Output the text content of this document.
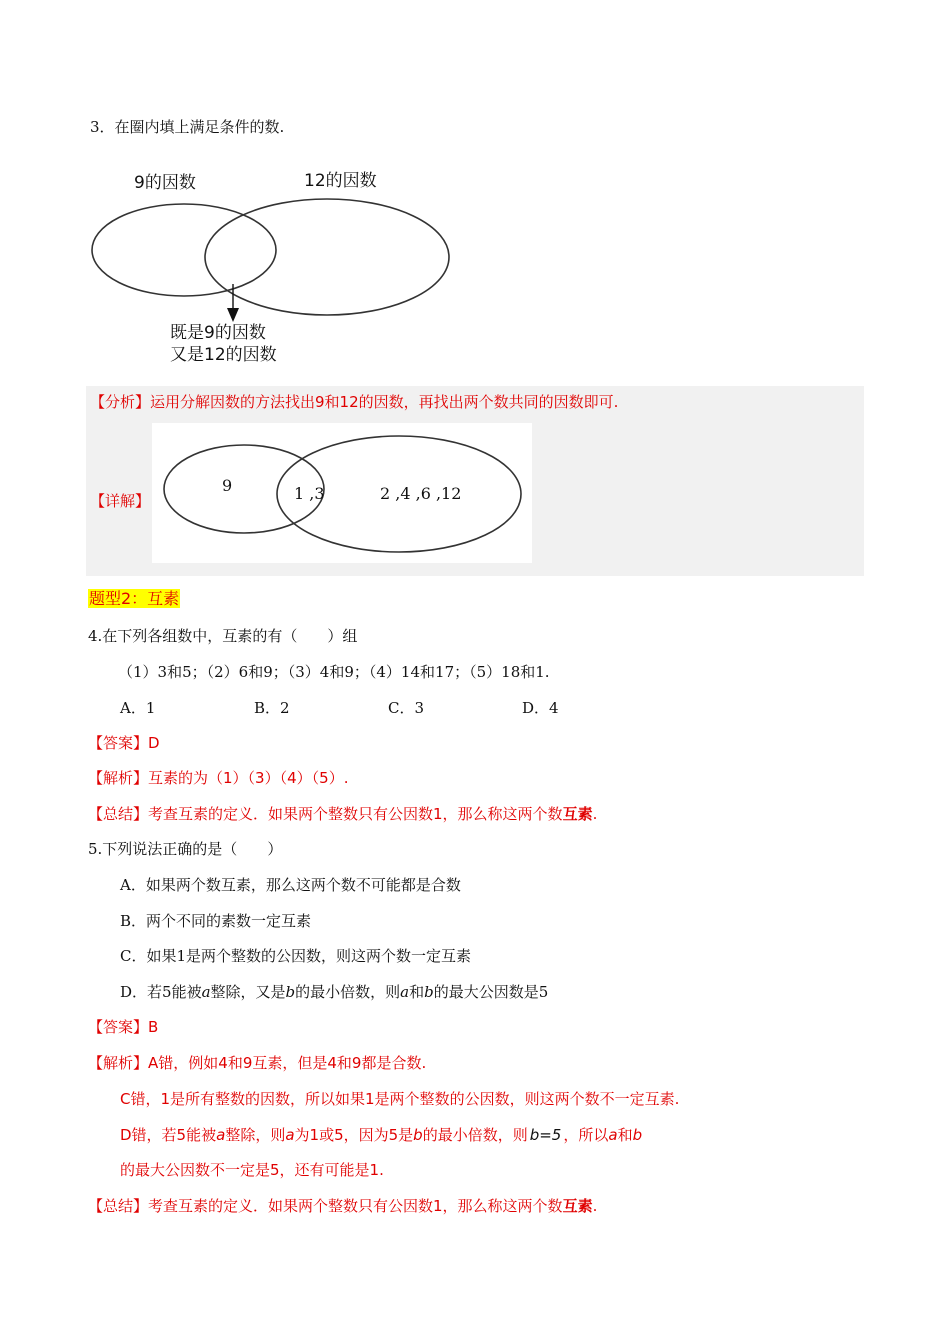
3．在圈内填上满足条件的数.
9的因数	12的因数
既是9的因数
又是12的因数
【分析】运用分解因数的方法找出9和12的因数，再找出两个数共同的因数即可.
【详解】
9	1 ,3	2 ,4 ,6 ,12
题型2：互素
4.在下列各组数中，互素的有（　　）组
（1）3和5；（2）6和9；（3）4和9；（4）14和17；（5）18和1.
A．1	B．2	C．3	D．4
【答案】D
【解析】互素的为（1）（3）（4）（5）.
【总结】考查互素的定义．如果两个整数只有公因数1，那么称这两个数互素.
5.下列说法正确的是（　　）
A．如果两个数互素，那么这两个数不可能都是合数
B．两个不同的素数一定互素
C．如果1是两个整数的公因数，则这两个数一定互素
D．若5能被a整除，又是b的最小倍数，则a和b的最大公因数是5
【答案】B
【解析】A错，例如4和9互素，但是4和9都是合数.
C错，1是所有整数的因数，所以如果1是两个整数的公因数，则这两个数不一定互素.
D错，若5能被a整除，则a为1或5，因为5是b的最小倍数，则 b=5 ，所以a和b
的最大公因数不一定是5，还有可能是1.
【总结】考查互素的定义．如果两个整数只有公因数1，那么称这两个数互素.
